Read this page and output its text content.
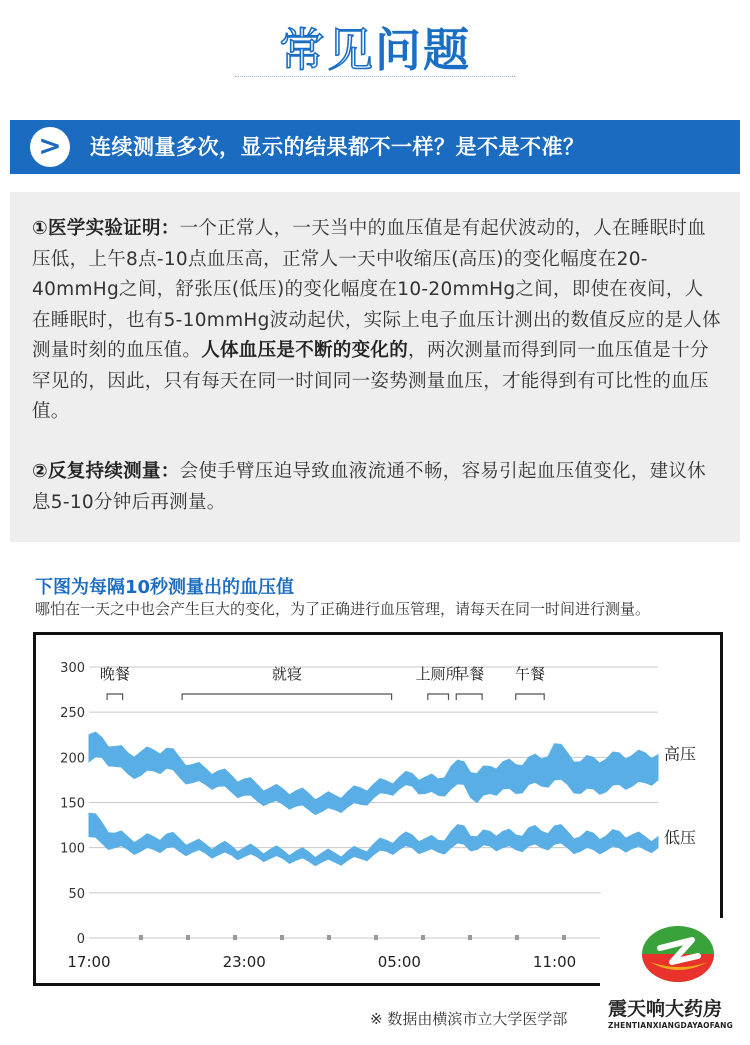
常见问题
>	连续测量多次，显示的结果都不一样？是不是不准？

①医学实验证明：一个正常人，一天当中的血压值是有起伏波动的，人在睡眠时血压低，上午8点-10点血压高，正常人一天中收缩压(高压)的变化幅度在20-40mmHg之间，舒张压(低压)的变化幅度在10-20mmHg之间，即使在夜间，人在睡眠时，也有5-10mmHg波动起伏，实际上电子血压计测出的数值反应的是人体测量时刻的血压值。人体血压是不断的变化的，两次测量而得到同一血压值是十分罕见的，因此，只有每天在同一时间同一姿势测量血压，才能得到有可比性的血压值。

②反复持续测量：会使手臂压迫导致血液流通不畅，容易引起血压值变化，建议休息5-10分钟后再测量。

下图为每隔10秒测量出的血压值
哪怕在一天之中也会产生巨大的变化，为了正确进行血压管理，请每天在同一时间进行测量。
0
50
100
150
200
250
300
17:00	23:00	05:00	11:00
高压
低压
晚餐	就寝	上厕所
早餐 午餐
※ 数据由横滨市立大学医学部 震天响大药房
ZHENTIANXIANGDAYAOFANG
